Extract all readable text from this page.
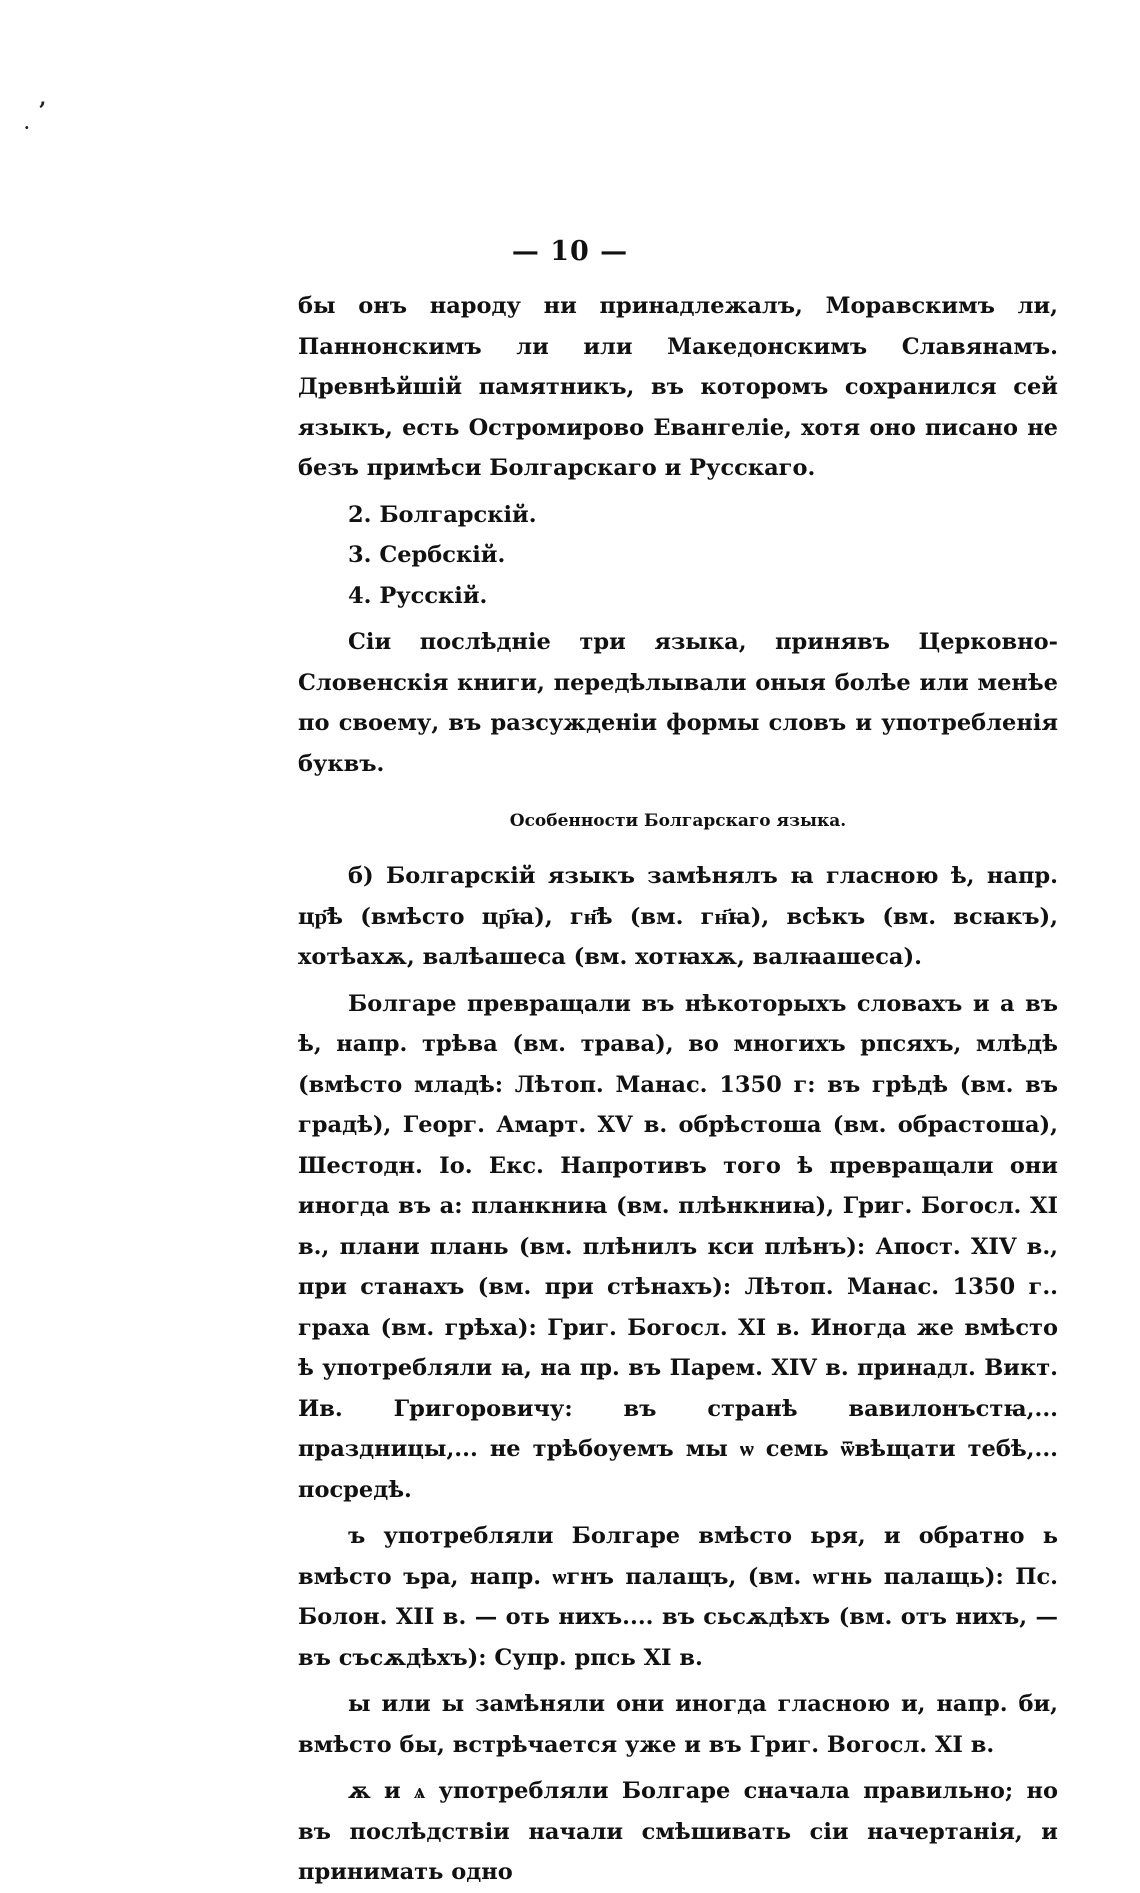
ʼ
·
— 10 —

бы онъ народу ни принадлежалъ, Моравскимъ ли, Паннонскимъ ли или Македонскимъ Славянамъ. Древнѣйшій памятникъ, въ которомъ сохранился сей языкъ, есть Остромирово Евангеліе, хотя оно писано не безъ примѣси Болгарскаго и Русскаго.

2. Болгарскій.

3. Сербскій.

4. Русскій.

Сіи послѣдніе три языка, принявъ Церковно-Словенскія книги, передѣлывали оныя болѣе или менѣе по своему, въ разсужденіи формы словъ и употребленія буквъ.

Особенности Болгарскаго языка.

б) Болгарскій языкъ замѣнялъ ꙗ гласною ѣ, напр. цр҃ѣ (вмѣсто цр҃ꙗ), гн҃ѣ (вм. гн҃ꙗ), всѣкъ (вм. всꙗкъ), хотѣахѫ, валѣашеса (вм. хотꙗхѫ, валꙗашеса).

Болгаре превращали въ нѣкоторыхъ словахъ и а въ ѣ, напр. трѣва (вм. трава), во многихъ рпсяхъ, млѣдѣ (вмѣсто младѣ: Лѣтоп. Манас. 1350 г: въ грѣдѣ (вм. въ градѣ), Георг. Амарт. XV в. обрѣстоша (вм. обрастоша), Шестодн. Іо. Екс. Напротивъ того ѣ превращали они иногда въ а: планкниꙗ (вм. плѣнкниꙗ), Григ. Богосл. XI в., плани плань (вм. плѣнилъ кси плѣнъ): Апост. XIV в., при станахъ (вм. при стѣнахъ): Лѣтоп. Манас. 1350 г.. граха (вм. грѣха): Григ. Богосл. XI в. Иногда же вмѣсто ѣ употребляли ꙗ, на пр. въ Парем. XIV в. принадл. Викт. Ив. Григоровичу: въ странѣ вавилонъстꙗ,... праздницы,... не трѣбоуемъ мы ѡ семь ѿвѣщати тебѣ,... посредѣ.

ъ употребляли Болгаре вмѣсто ьря, и обратно ь вмѣсто ъра, напр. ѡгнъ палащъ, (вм. ѡгнь палащь): Пс. Болон. XII в. — оть нихъ.... въ сьсѫдѣхъ (вм. отъ нихъ, — въ съсѫдѣхъ): Супр. рпсь XI в.

ы или ы замѣняли они иногда гласною и, напр. би, вмѣсто бы, встрѣчается уже и въ Григ. Вогосл. XI в.

ѫ и ѧ употребляли Болгаре сначала правильно; но въ послѣдствіи начали смѣшивать сіи начертанія, и принимать одно
